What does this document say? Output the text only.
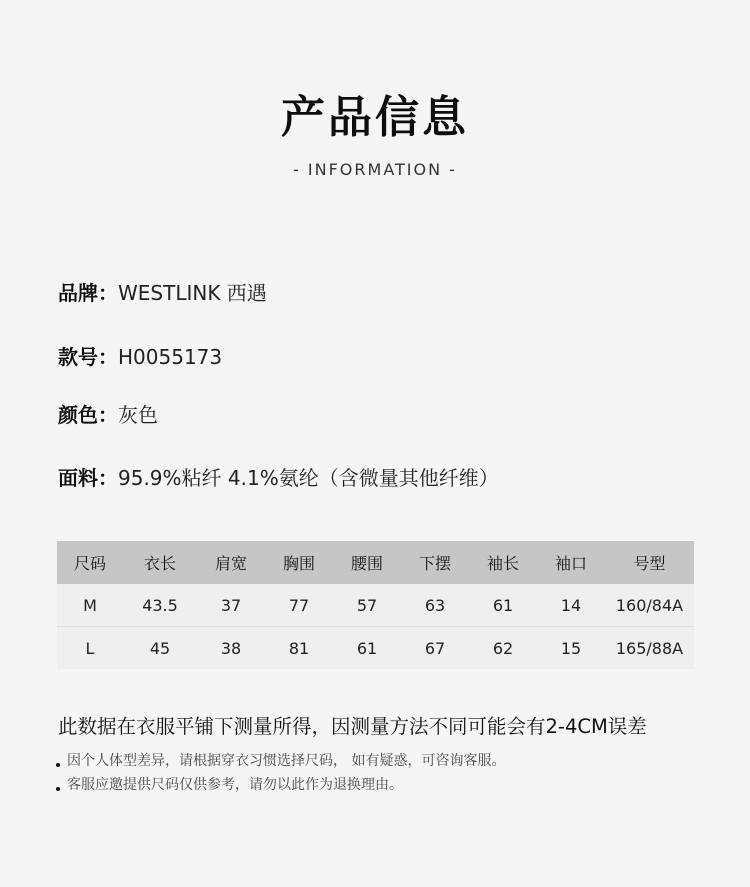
产品信息
- INFORMATION -
品牌：WESTLINK 西遇
款号：H0055173
颜色：灰色
面料：95.9%粘纤 4.1%氨纶（含微量其他纤维）
尺码	衣长	肩宽	胸围	腰围	下摆	袖长	袖口	号型
M	43.5	37	77	57	63	61	14	160/84A
L	45	38	81	61	67	62	15	165/88A
此数据在衣服平铺下测量所得，因测量方法不同可能会有2-4CM误差
因个人体型差异，请根据穿衣习惯选择尺码， 如有疑惑，可咨询客服。
客服应邀提供尺码仅供参考，请勿以此作为退换理由。
